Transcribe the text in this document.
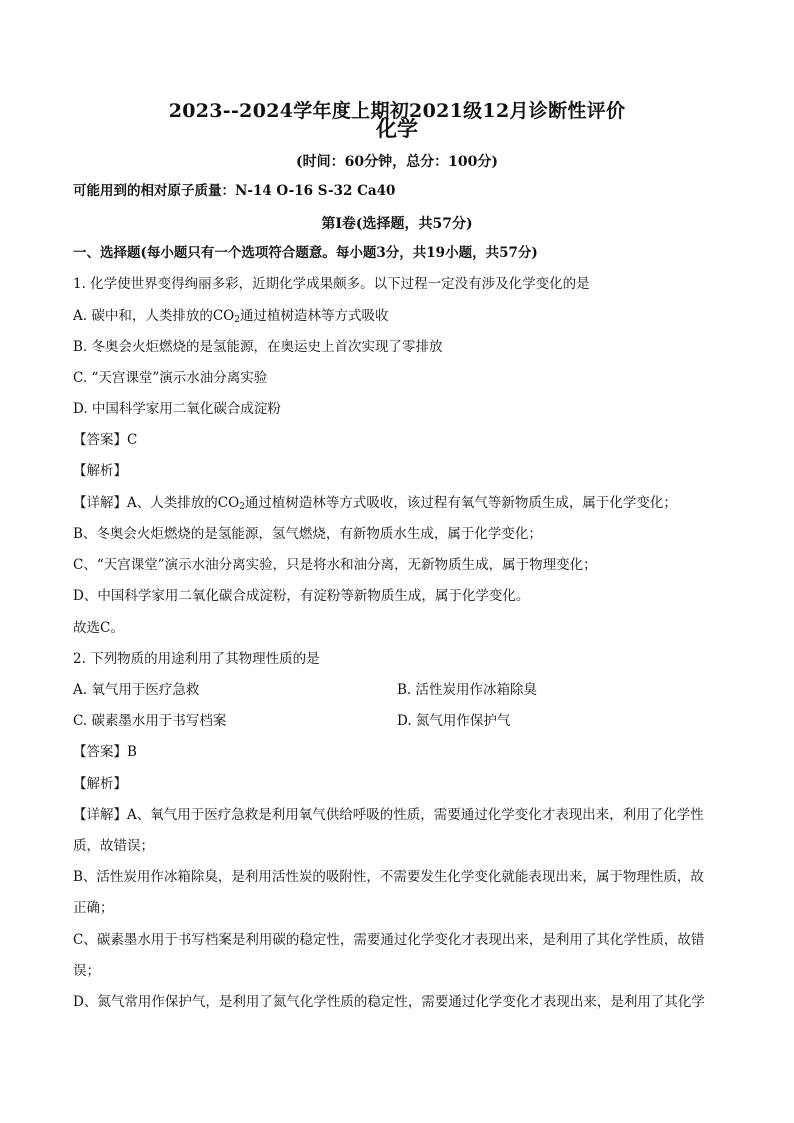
2023--2024学年度上期初2021级12月诊断性评价
化学
(时间：60分钟，总分：100分)
可能用到的相对原子质量：N-14 O-16 S-32 Ca40
第Ⅰ卷(选择题，共57分)
一、选择题(每小题只有一个选项符合题意。每小题3分，共19小题，共57分)
1. 化学使世界变得绚丽多彩，近期化学成果颇多。以下过程一定没有涉及化学变化的是
A. 碳中和，人类排放的$CO_2$通过植树造林等方式吸收
B. 冬奥会火炬燃烧的是氢能源，在奥运史上首次实现了零排放
C. “天宫课堂”演示水油分离实验
D. 中国科学家用二氧化碳合成淀粉
【答案】C
【解析】
【详解】A、人类排放的$CO_2$通过植树造林等方式吸收，该过程有氧气等新物质生成，属于化学变化；
B、冬奥会火炬燃烧的是氢能源，氢气燃烧，有新物质水生成，属于化学变化；
C、“天宫课堂”演示水油分离实验，只是将水和油分离，无新物质生成，属于物理变化；
D、中国科学家用二氧化碳合成淀粉，有淀粉等新物质生成，属于化学变化。
故选C。
2. 下列物质的用途利用了其物理性质的是
A. 氧气用于医疗急救	B. 活性炭用作冰箱除臭
C. 碳素墨水用于书写档案	D. 氮气用作保护气
【答案】B
【解析】
【详解】A、氧气用于医疗急救是利用氧气供给呼吸的性质，需要通过化学变化才表现出来，利用了化学性
质，故错误；
B、活性炭用作冰箱除臭，是利用活性炭的吸附性，不需要发生化学变化就能表现出来，属于物理性质，故
正确；
C、碳素墨水用于书写档案是利用碳的稳定性，需要通过化学变化才表现出来，是利用了其化学性质，故错
误；
D、氮气常用作保护气，是利用了氮气化学性质的稳定性，需要通过化学变化才表现出来，是利用了其化学
